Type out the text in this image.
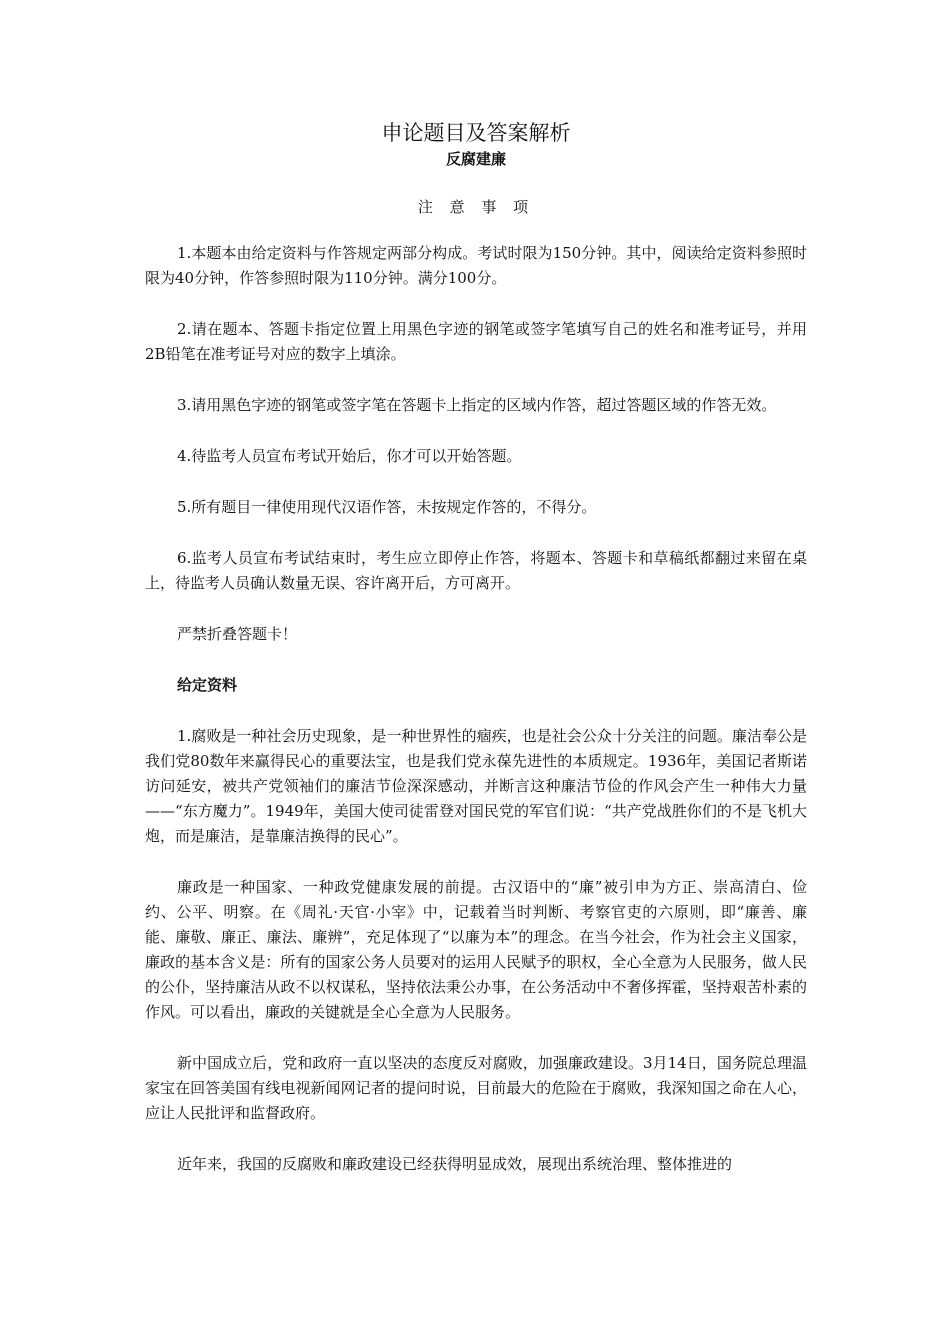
申论题目及答案解析
反腐建廉
注 意 事 项

1.本题本由给定资料与作答规定两部分构成。考试时限为150分钟。其中，阅读给定资料参照时限为40分钟，作答参照时限为110分钟。满分100分。

2.请在题本、答题卡指定位置上用黑色字迹的钢笔或签字笔填写自己的姓名和准考证号，并用2B铅笔在准考证号对应的数字上填涂。

3.请用黑色字迹的钢笔或签字笔在答题卡上指定的区域内作答，超过答题区域的作答无效。

4.待监考人员宣布考试开始后，你才可以开始答题。

5.所有题目一律使用现代汉语作答，未按规定作答的，不得分。

6.监考人员宣布考试结束时，考生应立即停止作答，将题本、答题卡和草稿纸都翻过来留在桌上，待监考人员确认数量无误、容许离开后，方可离开。

严禁折叠答题卡！

给定资料

1.腐败是一种社会历史现象，是一种世界性的痼疾，也是社会公众十分关注的问题。廉洁奉公是我们党80数年来赢得民心的重要法宝，也是我们党永葆先进性的本质规定。1936年，美国记者斯诺访问延安，被共产党领袖们的廉洁节俭深深感动，并断言这种廉洁节俭的作风会产生一种伟大力量——“东方魔力”。1949年，美国大使司徒雷登对国民党的军官们说：“共产党战胜你们的不是飞机大炮，而是廉洁，是靠廉洁换得的民心”。

廉政是一种国家、一种政党健康发展的前提。古汉语中的“廉”被引申为方正、崇高清白、俭约、公平、明察。在《周礼·天官·小宰》中，记载着当时判断、考察官吏的六原则，即“廉善、廉能、廉敬、廉正、廉法、廉辨”，充足体现了“以廉为本”的理念。在当今社会，作为社会主义国家，廉政的基本含义是：所有的国家公务人员要对的运用人民赋予的职权，全心全意为人民服务，做人民的公仆，坚持廉洁从政不以权谋私，坚持依法秉公办事，在公务活动中不奢侈挥霍，坚持艰苦朴素的作风。可以看出，廉政的关键就是全心全意为人民服务。

新中国成立后，党和政府一直以坚决的态度反对腐败，加强廉政建设。3月14日，国务院总理温家宝在回答美国有线电视新闻网记者的提问时说，目前最大的危险在于腐败，我深知国之命在人心，应让人民批评和监督政府。

近年来，我国的反腐败和廉政建设已经获得明显成效，展现出系统治理、整体推进的
